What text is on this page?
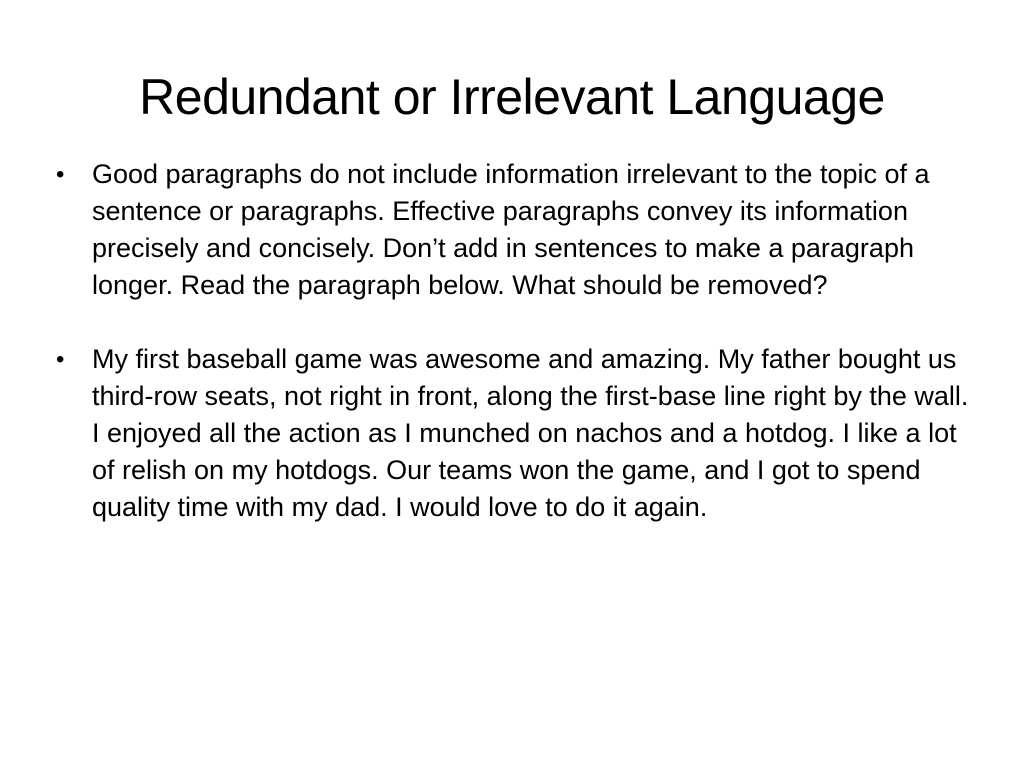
Redundant or Irrelevant Language

• Good paragraphs do not include information irrelevant to the topic of a sentence or paragraphs. Effective paragraphs convey its information precisely and concisely. Don’t add in sentences to make a paragraph longer. Read the paragraph below. What should be removed?

• My first baseball game was awesome and amazing. My father bought us third-row seats, not right in front, along the first-base line right by the wall. I enjoyed all the action as I munched on nachos and a hotdog. I like a lot of relish on my hotdogs. Our teams won the game, and I got to spend quality time with my dad. I would love to do it again.
